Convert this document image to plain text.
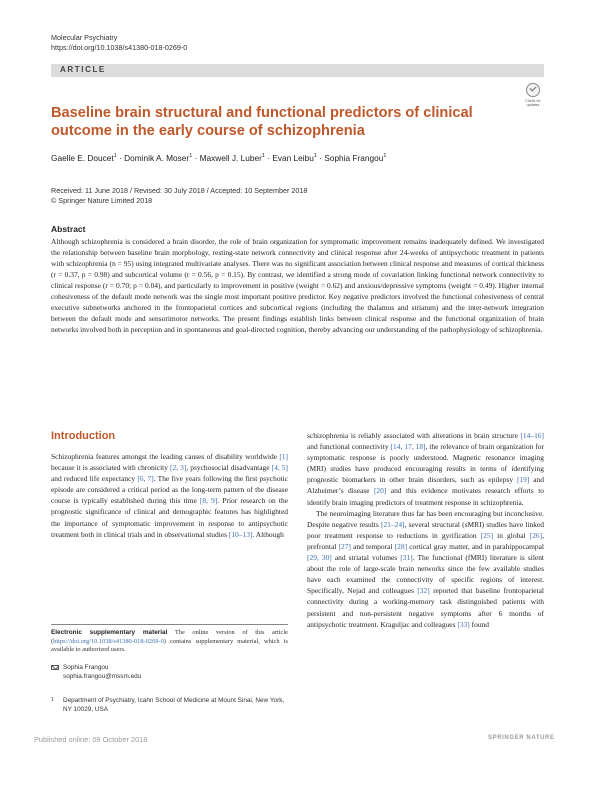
Molecular Psychiatry
https://doi.org/10.1038/s41380-018-0269-0
ARTICLE
Check for updates
Baseline brain structural and functional predictors of clinical outcome in the early course of schizophrenia
Gaelle E. Doucet$^1$ · Dominik A. Moser$^1$ · Maxwell J. Luber$^1$ · Evan Leibu$^1$ · Sophia Frangou$^1$
Received: 11 June 2018 / Revised: 30 July 2018 / Accepted: 10 September 2018
© Springer Nature Limited 2018
Abstract
Although schizophrenia is considered a brain disorder, the role of brain organization for symptomatic improvement remains inadequately defined. We investigated the relationship between baseline brain morphology, resting-state network connectivity and clinical response after 24-weeks of antipsychotic treatment in patients with schizophrenia (n = 95) using integrated multivariate analyses. There was no significant association between clinical response and measures of cortical thickness (r = 0.37, p = 0.98) and subcortical volume (r = 0.56, p = 0.15). By contrast, we identified a strong mode of covariation linking functional network connectivity to clinical response (r = 0.70; p = 0.04), and particularly to improvement in positive (weight = 0.62) and anxious/depressive symptoms (weight = 0.49). Higher internal cohesiveness of the default mode network was the single most important positive predictor. Key negative predictors involved the functional cohesiveness of central executive subnetworks anchored in the frontoparietal cortices and subcortical regions (including the thalamus and striatum) and the inter-network integration between the default mode and sensorimotor networks. The present findings establish links between clinical response and the functional organization of brain networks involved both in perception and in spontaneous and goal-directed cognition, thereby advancing our understanding of the pathophysiology of schizophrenia.
Introduction

Schizophrenia features amongst the leading causes of disability worldwide [1] because it is associated with chronicity [2, 3], psychosocial disadvantage [4, 5] and reduced life expectancy [6, 7]. The five years following the first psychotic episode are considered a critical period as the long-term pattern of the disease course is typically established during this time [8, 9]. Prior research on the prognostic significance of clinical and demographic features has highlighted the importance of symptomatic improvement in response to antipsychotic treatment both in clinical trials and in observational studies [10–13]. Although

schizophrenia is reliably associated with alterations in brain structure [14–16] and functional connectivity [14, 17, 18], the relevance of brain organization for symptomatic response is poorly understood. Magnetic resonance imaging (MRI) studies have produced encouraging results in terms of identifying prognostic biomarkers in other brain disorders, such as epilepsy [19] and Alzheimer’s disease [20] and this evidence motivates research efforts to identify brain imaging predictors of treatment response in schizophrenia.

The neuroimaging literature thus far has been encouraging but inconclusive. Despite negative results [21–24], several structural (sMRI) studies have linked poor treatment response to reductions in gyrification [25] in global [26], prefrontal [27] and temporal [28] cortical gray matter, and in parahippocampal [29, 30] and striatal volumes [31]. The functional (fMRI) literature is silent about the role of large-scale brain networks since the few available studies have each examined the connectivity of specific regions of interest. Specifically, Nejad and colleagues [32] reported that baseline frontoparietal connectivity during a working-memory task distinguished patients with persistent and non-persistent negative symptoms after 6 months of antipsychotic treatment. Kraguljac and colleagues [33] found

Electronic supplementary material The online version of this article (https://doi.org/10.1038/s41380-018-0269-0) contains supplementary material, which is available to authorized users.
Sophia Frangou
sophia.frangou@mssm.edu
1	Department of Psychiatry, Icahn School of Medicine at Mount Sinai, New York, NY 10029, USA
Published online: 09 October 2018	SPRINGER NATURE
